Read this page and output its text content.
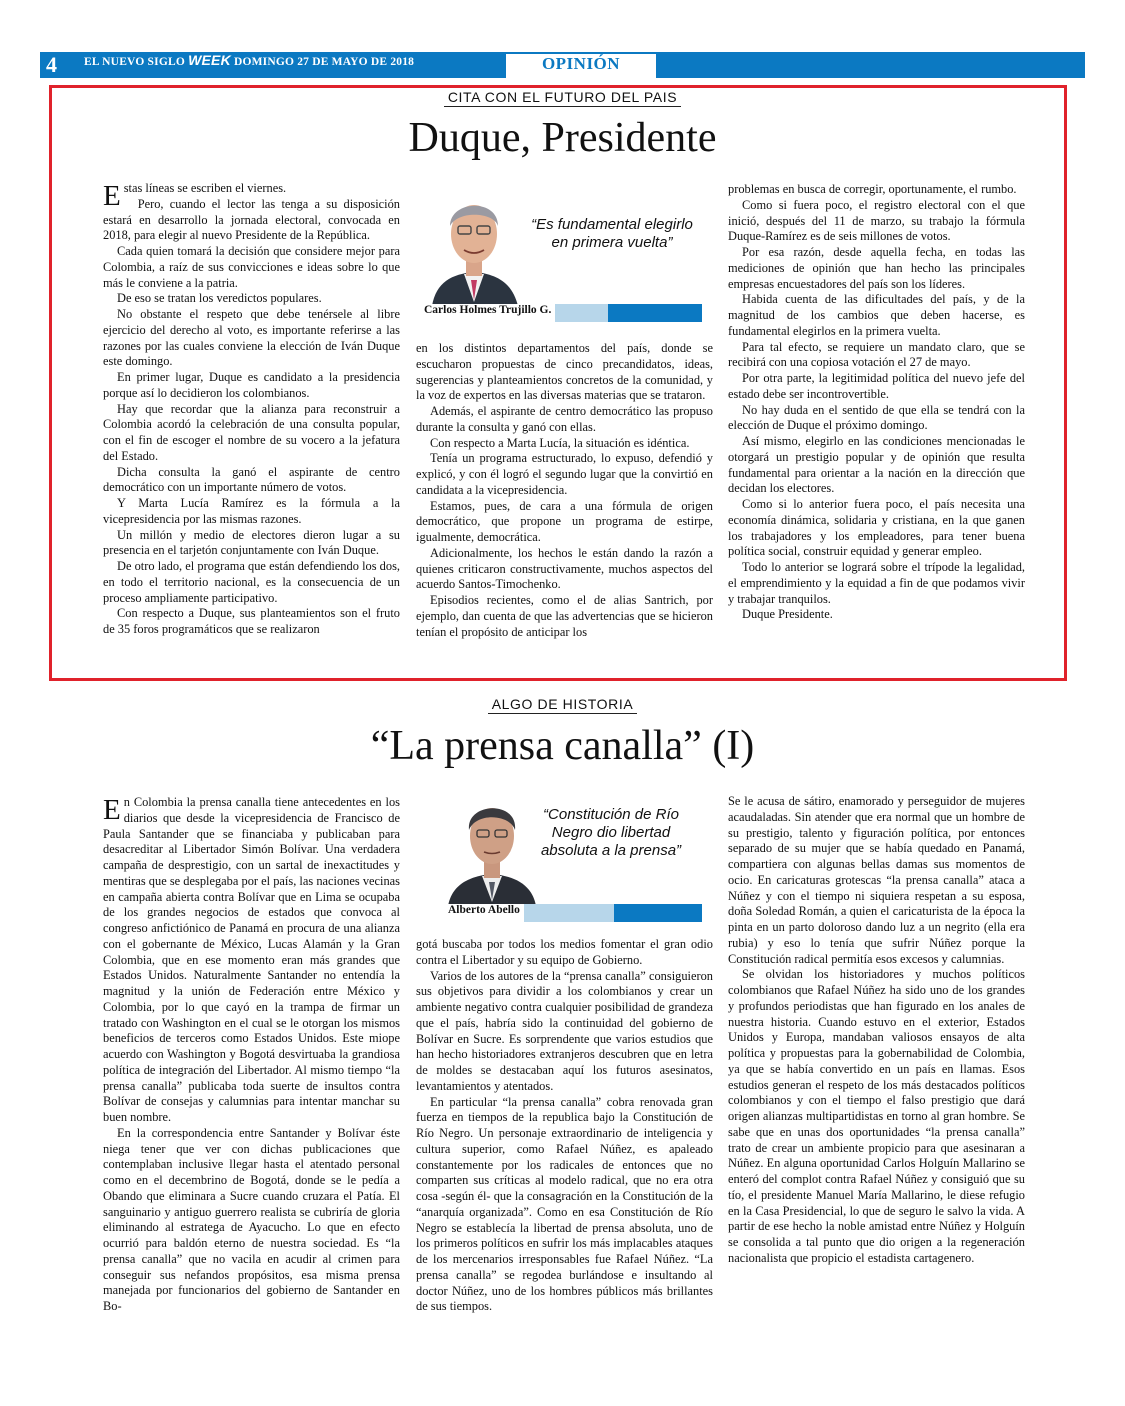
4 EL NUEVO SIGLO WEEK DOMINGO 27 DE MAYO DE 2018	OPINIÓN
CITA CON EL FUTURO DEL PAIS
Duque, Presidente
E stas líneas se escriben el viernes.

Pero, cuando el lector las tenga a su disposición estará en desarrollo la jornada electoral, convocada en 2018, para elegir al nuevo Presidente de la República.

Cada quien tomará la decisión que considere mejor para Colombia, a raíz de sus convicciones e ideas sobre lo que más le conviene a la patria.

De eso se tratan los veredictos populares.

No obstante el respeto que debe tenérsele al libre ejercicio del derecho al voto, es importante referirse a las razones por las cuales conviene la elección de Iván Duque este domingo.

En primer lugar, Duque es candidato a la presidencia porque así lo decidieron los colombianos.

Hay que recordar que la alianza para reconstruir a Colombia acordó la celebración de una consulta popular, con el fin de escoger el nombre de su vocero a la jefatura del Estado.

Dicha consulta la ganó el aspirante de centro democrático con un importante número de votos.

Y Marta Lucía Ramírez es la fórmula a la vicepresidencia por las mismas razones.

Un millón y medio de electores dieron lugar a su presencia en el tarjetón conjuntamente con Iván Duque.

De otro lado, el programa que están defendiendo los dos, en todo el territorio nacional, es la consecuencia de un proceso ampliamente participativo.

Con respecto a Duque, sus planteamientos son el fruto de 35 foros programáticos que se realizaron

“Es fundamental elegirlo en primera vuelta”
Carlos Holmes Trujillo G.

en los distintos departamentos del país, donde se escucharon propuestas de cinco precandidatos, ideas, sugerencias y planteamientos concretos de la comunidad, y la voz de expertos en las diversas materias que se trataron.

Además, el aspirante de centro democrático las propuso durante la consulta y ganó con ellas.

Con respecto a Marta Lucía, la situación es idéntica.

Tenía un programa estructurado, lo expuso, defendió y explicó, y con él logró el segundo lugar que la convirtió en candidata a la vicepresidencia.

Estamos, pues, de cara a una fórmula de origen democrático, que propone un programa de estirpe, igualmente, democrática.

Adicionalmente, los hechos le están dando la razón a quienes criticaron constructivamente, muchos aspectos del acuerdo Santos-Timochenko.

Episodios recientes, como el de alias Santrich, por ejemplo, dan cuenta de que las advertencias que se hicieron tenían el propósito de anticipar los

problemas en busca de corregir, oportunamente, el rumbo.

Como si fuera poco, el registro electoral con el que inició, después del 11 de marzo, su trabajo la fórmula Duque-Ramírez es de seis millones de votos.

Por esa razón, desde aquella fecha, en todas las mediciones de opinión que han hecho las principales empresas encuestadores del país son los líderes.

Habida cuenta de las dificultades del país, y de la magnitud de los cambios que deben hacerse, es fundamental elegirlos en la primera vuelta.

Para tal efecto, se requiere un mandato claro, que se recibirá con una copiosa votación el 27 de mayo.

Por otra parte, la legitimidad política del nuevo jefe del estado debe ser incontrovertible.

No hay duda en el sentido de que ella se tendrá con la elección de Duque el próximo domingo.

Así mismo, elegirlo en las condiciones mencionadas le otorgará un prestigio popular y de opinión que resulta fundamental para orientar a la nación en la dirección que decidan los electores.

Como si lo anterior fuera poco, el país necesita una economía dinámica, solidaria y cristiana, en la que ganen los trabajadores y los empleadores, para tener buena política social, construir equidad y generar empleo.

Todo lo anterior se logrará sobre el trípode la legalidad, el emprendimiento y la equidad a fin de que podamos vivir y trabajar tranquilos.

Duque Presidente.

ALGO DE HISTORIA
“La prensa canalla” (I)
E n Colombia la prensa canalla tiene antecedentes en los diarios que desde la vicepresidencia de Francisco de Paula Santander que se financiaba y publicaban para desacreditar al Libertador Simón Bolívar. Una verdadera campaña de desprestigio, con un sartal de inexactitudes y mentiras que se desplegaba por el país, las naciones vecinas en campaña abierta contra Bolívar que en Lima se ocupaba de los grandes negocios de estados que convoca al congreso anfictiónico de Panamá en procura de una alianza con el gobernante de México, Lucas Alamán y la Gran Colombia, que en ese momento eran más grandes que Estados Unidos. Naturalmente Santander no entendía la magnitud y la unión de Federación entre México y Colombia, por lo que cayó en la trampa de firmar un tratado con Washington en el cual se le otorgan los mismos beneficios de terceros como Estados Unidos. Este miope acuerdo con Washington y Bogotá desvirtuaba la grandiosa política de integración del Libertador. Al mismo tiempo “la prensa canalla” publicaba toda suerte de insultos contra Bolívar de consejas y calumnias para intentar manchar su buen nombre.

En la correspondencia entre Santander y Bolívar éste niega tener que ver con dichas publicaciones que contemplaban inclusive llegar hasta el atentado personal como en el decembrino de Bogotá, donde se le pedía a Obando que eliminara a Sucre cuando cruzara el Patía. El sanguinario y antiguo guerrero realista se cubriría de gloria eliminando al estratega de Ayacucho. Lo que en efecto ocurrió para baldón eterno de nuestra sociedad. Es “la prensa canalla” que no vacila en acudir al crimen para conseguir sus nefandos propósitos, esa misma prensa manejada por funcionarios del gobierno de Santander en Bo-

“Constitución de Río Negro dio libertad absoluta a la prensa”
Alberto Abello

gotá buscaba por todos los medios fomentar el gran odio contra el Libertador y su equipo de Gobierno.

Varios de los autores de la “prensa canalla” consiguieron sus objetivos para dividir a los colombianos y crear un ambiente negativo contra cualquier posibilidad de grandeza que el país, habría sido la continuidad del gobierno de Bolívar en Sucre. Es sorprendente que varios estudios que han hecho historiadores extranjeros descubren que en letra de moldes se destacaban aquí los futuros asesinatos, levantamientos y atentados.

En particular “la prensa canalla” cobra renovada gran fuerza en tiempos de la republica bajo la Constitución de Río Negro. Un personaje extraordinario de inteligencia y cultura superior, como Rafael Núñez, es apaleado constantemente por los radicales de entonces que no comparten sus críticas al modelo radical, que no era otra cosa -según él- que la consagración en la Constitución de la “anarquía organizada”. Como en esa Constitución de Río Negro se establecía la libertad de prensa absoluta, uno de los primeros políticos en sufrir los más implacables ataques de los mercenarios irresponsables fue Rafael Núñez. “La prensa canalla” se regodea burlándose e insultando al doctor Núñez, uno de los hombres públicos más brillantes de sus tiempos.

Se le acusa de sátiro, enamorado y perseguidor de mujeres acaudaladas. Sin atender que era normal que un hombre de su prestigio, talento y figuración política, por entonces separado de su mujer que se había quedado en Panamá, compartiera con algunas bellas damas sus momentos de ocio. En caricaturas grotescas “la prensa canalla” ataca a Núñez y con el tiempo ni siquiera respetan a su esposa, doña Soledad Román, a quien el caricaturista de la época la pinta en un parto doloroso dando luz a un negrito (ella era rubia) y eso lo tenía que sufrir Núñez porque la Constitución radical permitía esos excesos y calumnias.

Se olvidan los historiadores y muchos políticos colombianos que Rafael Núñez ha sido uno de los grandes y profundos periodistas que han figurado en los anales de nuestra historia. Cuando estuvo en el exterior, Estados Unidos y Europa, mandaban valiosos ensayos de alta política y propuestas para la gobernabilidad de Colombia, ya que se había convertido en un país en llamas. Esos estudios generan el respeto de los más destacados políticos colombianos y con el tiempo el falso prestigio que dará origen alianzas multipartidistas en torno al gran hombre. Se sabe que en unas dos oportunidades “la prensa canalla” trato de crear un ambiente propicio para que asesinaran a Núñez. En alguna oportunidad Carlos Holguín Mallarino se enteró del complot contra Rafael Núñez y consiguió que su tío, el presidente Manuel María Mallarino, le diese refugio en la Casa Presidencial, lo que de seguro le salvo la vida. A partir de ese hecho la noble amistad entre Núñez y Holguín se consolida a tal punto que dio origen a la regeneración nacionalista que propicio el estadista cartagenero.
